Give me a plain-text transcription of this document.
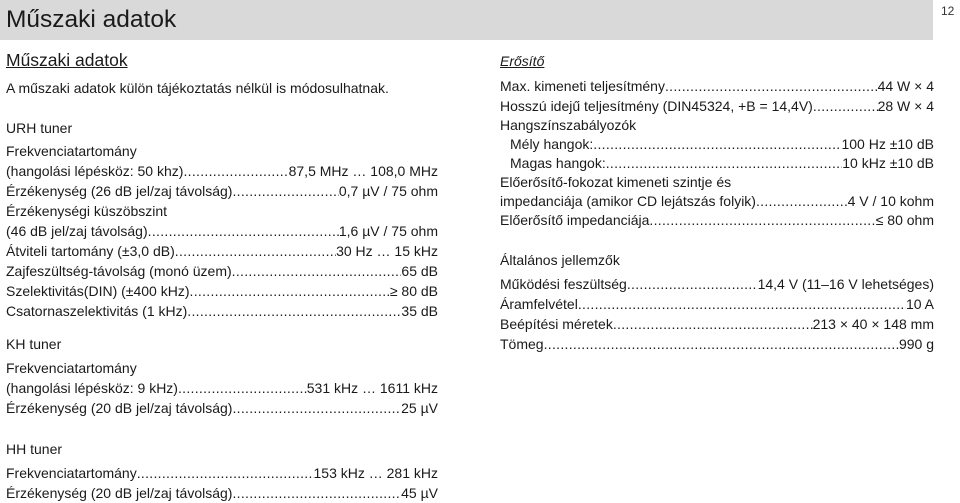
Műszaki adatok	12
Műszaki adatok
A műszaki adatok külön tájékoztatás nélkül is módosulhatnak.
URH tuner
Frekvenciatartomány
(hangolási lépésköz: 50 khz) .....	87,5 MHz … 108,0 MHz
Érzékenység (26 dB jel/zaj távolság) .....	0,7 µV / 75 ohm
Érzékenységi küszöbszint
(46 dB jel/zaj távolság) .....	1,6 µV / 75 ohm
Átviteli tartomány (±3,0 dB) .....	30 Hz … 15 kHz
Zajfeszültség-távolság (monó üzem) .....	65 dB
Szelektivitás(DIN) (±400 kHz) .....	≥ 80 dB
Csatornaszelektivitás (1 kHz) .....	35 dB
KH tuner
Frekvenciatartomány
(hangolási lépésköz: 9 kHz) .....	531 kHz … 1611 kHz
Érzékenység (20 dB jel/zaj távolság) .....	25 µV
HH tuner
Frekvenciatartomány .....	153 kHz … 281 kHz
Érzékenység (20 dB jel/zaj távolság) .....	45 µV
Erősítő
Max. kimeneti teljesítmény .....	44 W × 4
Hosszú idejű teljesítmény (DIN45324, +B = 14,4V) .....	28 W × 4
Hangszínszabályozók
Mély hangok: .....	100 Hz ±10 dB
Magas hangok: .....	10 kHz ±10 dB
Előerősítő-fokozat kimeneti szintje és
impedanciája (amikor CD lejátszás folyik) .....	4 V / 10 kohm
Előerősítő impedanciája .....	≤ 80 ohm
Általános jellemzők
Működési feszültség .....	14,4 V (11–16 V lehetséges)
Áramfelvétel .....	10 A
Beépítési méretek .....	213 × 40 × 148 mm
Tömeg .....	990 g
